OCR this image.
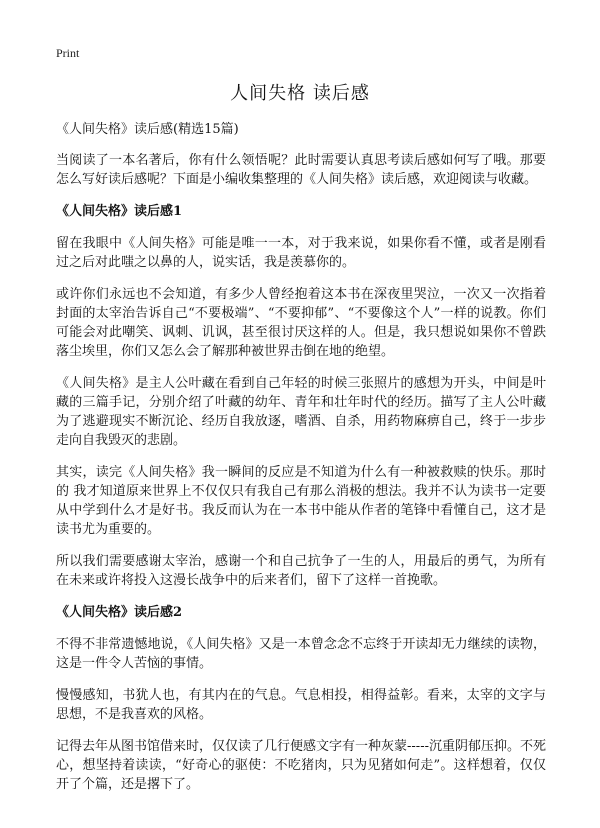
Print
人间失格 读后感
《人间失格》读后感(精选15篇)
当阅读了一本名著后，你有什么领悟呢？此时需要认真思考读后感如何写了哦。那要怎么写好读后感呢？下面是小编收集整理的《人间失格》读后感，欢迎阅读与收藏。
《人间失格》读后感1
留在我眼中《人间失格》可能是唯一一本，对于我来说，如果你看不懂，或者是刚看过之后对此嗤之以鼻的人，说实话，我是羡慕你的。
或许你们永远也不会知道，有多少人曾经抱着这本书在深夜里哭泣，一次又一次指着封面的太宰治告诉自己“不要极端”、“不要抑郁”、“不要像这个人”一样的说教。你们可能会对此嘲笑、讽刺、讥讽，甚至很讨厌这样的人。但是，我只想说如果你不曾跌落尘埃里，你们又怎么会了解那种被世界击倒在地的绝望。
《人间失格》是主人公叶藏在看到自己年轻的时候三张照片的感想为开头，中间是叶藏的三篇手记，分别介绍了叶藏的幼年、青年和壮年时代的经历。描写了主人公叶藏为了逃避现实不断沉论、经历自我放逐，嗜酒、自杀，用药物麻痹自己，终于一步步走向自我毁灭的悲剧。
其实，读完《人间失格》我一瞬间的反应是不知道为什么有一种被救赎的快乐。那时的 我才知道原来世界上不仅仅只有我自己有那么消极的想法。我并不认为读书一定要从中学到什么才是好书。我反而认为在一本书中能从作者的笔锋中看懂自己，这才是读书尤为重要的。
所以我们需要感谢太宰治，感谢一个和自己抗争了一生的人，用最后的勇气，为所有在未来或许将投入这漫长战争中的后来者们，留下了这样一首挽歌。
《人间失格》读后感2
不得不非常遗憾地说，《人间失格》又是一本曾念念不忘终于开读却无力继续的读物，这是一件令人苦恼的事情。
慢慢感知，书犹人也，有其内在的气息。气息相投，相得益彰。看来，太宰的文字与思想，不是我喜欢的风格。
记得去年从图书馆借来时，仅仅读了几行便感文字有一种灰蒙-----沉重阴郁压抑。不死心，想坚持着读读，“好奇心的驱使：不吃猪肉，只为见猪如何走”。这样想着，仅仅开了个篇，还是撂下了。
